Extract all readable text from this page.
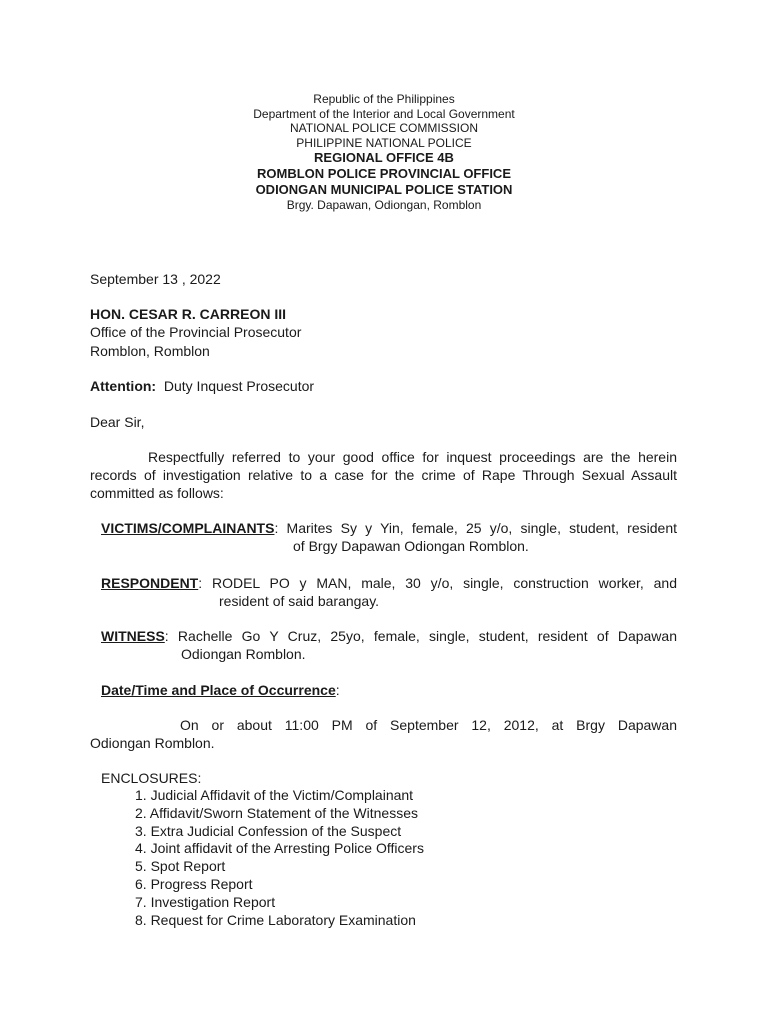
Republic of the Philippines
Department of the Interior and Local Government
NATIONAL POLICE COMMISSION
PHILIPPINE NATIONAL POLICE
REGIONAL OFFICE 4B
ROMBLON POLICE PROVINCIAL OFFICE
ODIONGAN MUNICIPAL POLICE STATION
Brgy. Dapawan, Odiongan, Romblon
September 13 , 2022
HON. CESAR R. CARREON III
Office of the Provincial Prosecutor
Romblon, Romblon
Attention: Duty Inquest Prosecutor
Dear Sir,
Respectfully referred to your good office for inquest proceedings are the herein
records of investigation relative to a case for the crime of Rape Through Sexual Assault committed as follows:
VICTIMS/COMPLAINANTS: Marites Sy y Yin, female, 25 y/o, single, student, resident
of Brgy Dapawan Odiongan Romblon.
RESPONDENT: RODEL PO y MAN, male, 30 y/o, single, construction worker, and
resident of said barangay.
WITNESS: Rachelle Go Y Cruz, 25yo, female, single, student, resident of Dapawan
Odiongan Romblon.
Date/Time and Place of Occurrence:
On or about 11:00 PM of September 12, 2012, at Brgy Dapawan
Odiongan Romblon.
ENCLOSURES:
1. Judicial Affidavit of the Victim/Complainant
2. Affidavit/Sworn Statement of the Witnesses
3. Extra Judicial Confession of the Suspect
4. Joint affidavit of the Arresting Police Officers
5. Spot Report
6. Progress Report
7. Investigation Report
8. Request for Crime Laboratory Examination
